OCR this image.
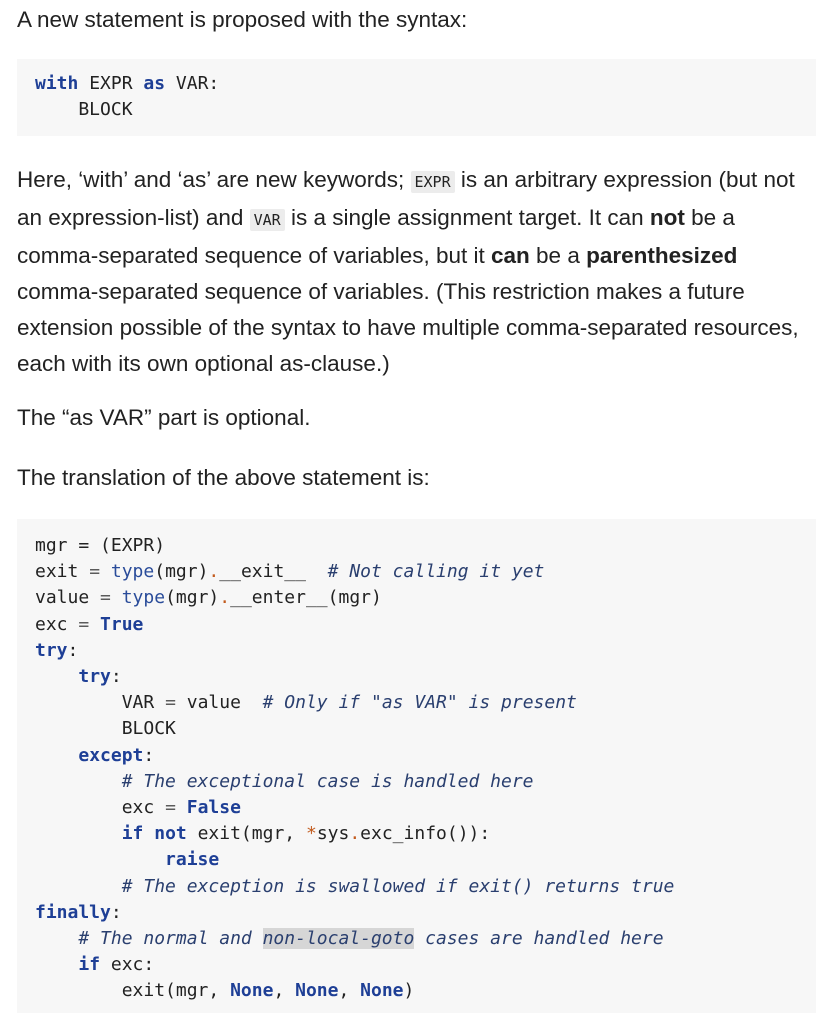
A new statement is proposed with the syntax:

with EXPR as VAR:
BLOCK

Here, ‘with’ and ‘as’ are new keywords; EXPR is an arbitrary expression (but not an expression-list) and VAR is a single assignment target. It can not be a comma-separated sequence of variables, but it can be a parenthesized comma-separated sequence of variables. (This restriction makes a future extension possible of the syntax to have multiple comma-separated resources, each with its own optional as-clause.)

The “as VAR” part is optional.

The translation of the above statement is:

mgr = (EXPR)
exit = type(mgr).__exit__ # Not calling it yet
value = type(mgr).__enter__(mgr)
exc = True
try:
try:
VAR = value  # Only if "as VAR" is present
BLOCK
except:
# The exceptional case is handled here
exc = False
if not exit(mgr, *sys.exc_info()):
raise
# The exception is swallowed if exit() returns true
finally:
# The normal and non-local-goto cases are handled here
if exc:
exit(mgr, None, None, None)
